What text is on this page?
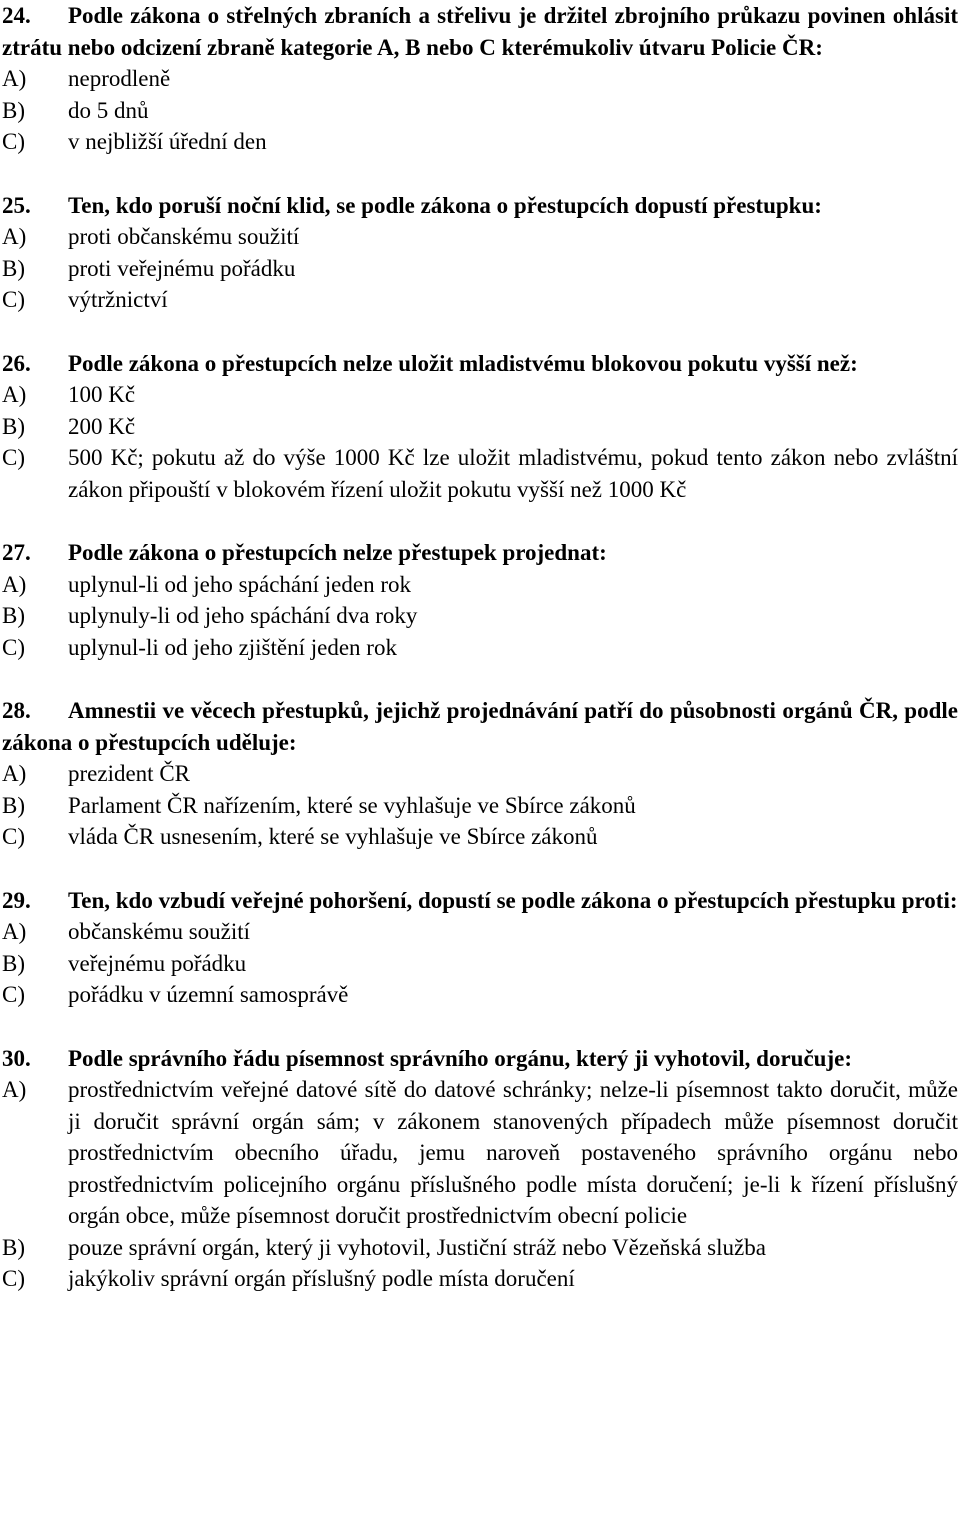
24. Podle zákona o střelných zbraních a střelivu je držitel zbrojního průkazu povinen ohlásit ztrátu nebo odcizení zbraně kategorie A, B nebo C kterémukoliv útvaru Policie ČR:
A)	neprodleně
B)	do 5 dnů
C)	v nejbližší úřední den
25. Ten, kdo poruší noční klid, se podle zákona o přestupcích dopustí přestupku:
A)	proti občanskému soužití
B)	proti veřejnému pořádku
C)	výtržnictví
26. Podle zákona o přestupcích nelze uložit mladistvému blokovou pokutu vyšší než:
A)	100 Kč
B)	200 Kč
C)	500 Kč; pokutu až do výše 1000 Kč lze uložit mladistvému, pokud tento zákon nebo zvláštní zákon připouští v blokovém řízení uložit pokutu vyšší než 1000 Kč
27.	Podle zákona o přestupcích nelze přestupek projednat:
A)	uplynul-li od jeho spáchání jeden rok
B)	uplynuly-li od jeho spáchání dva roky
C)	uplynul-li od jeho zjištění jeden rok
28. Amnestii ve věcech přestupků, jejichž projednávání patří do působnosti orgánů ČR, podle zákona o přestupcích uděluje:
A)	prezident ČR
B)	Parlament ČR nařízením, které se vyhlašuje ve Sbírce zákonů
C)	vláda ČR usnesením, které se vyhlašuje ve Sbírce zákonů
29. Ten, kdo vzbudí veřejné pohoršení, dopustí se podle zákona o přestupcích přestupku proti:
A)	občanskému soužití
B)	veřejnému pořádku
C)	pořádku v územní samosprávě
30. Podle správního řádu písemnost správního orgánu, který ji vyhotovil, doručuje:
A)	prostřednictvím veřejné datové sítě do datové schránky; nelze-li písemnost takto doručit, může ji doručit správní orgán sám; v zákonem stanovených případech může písemnost doručit prostřednictvím obecního úřadu, jemu naroveň postaveného správního orgánu nebo prostřednictvím policejního orgánu příslušného podle místa doručení; je-li k řízení příslušný orgán obce, může písemnost doručit prostřednictvím obecní policie
B)	pouze správní orgán, který ji vyhotovil, Justiční stráž nebo Vězeňská služba
C)	jakýkoliv správní orgán příslušný podle místa doručení
